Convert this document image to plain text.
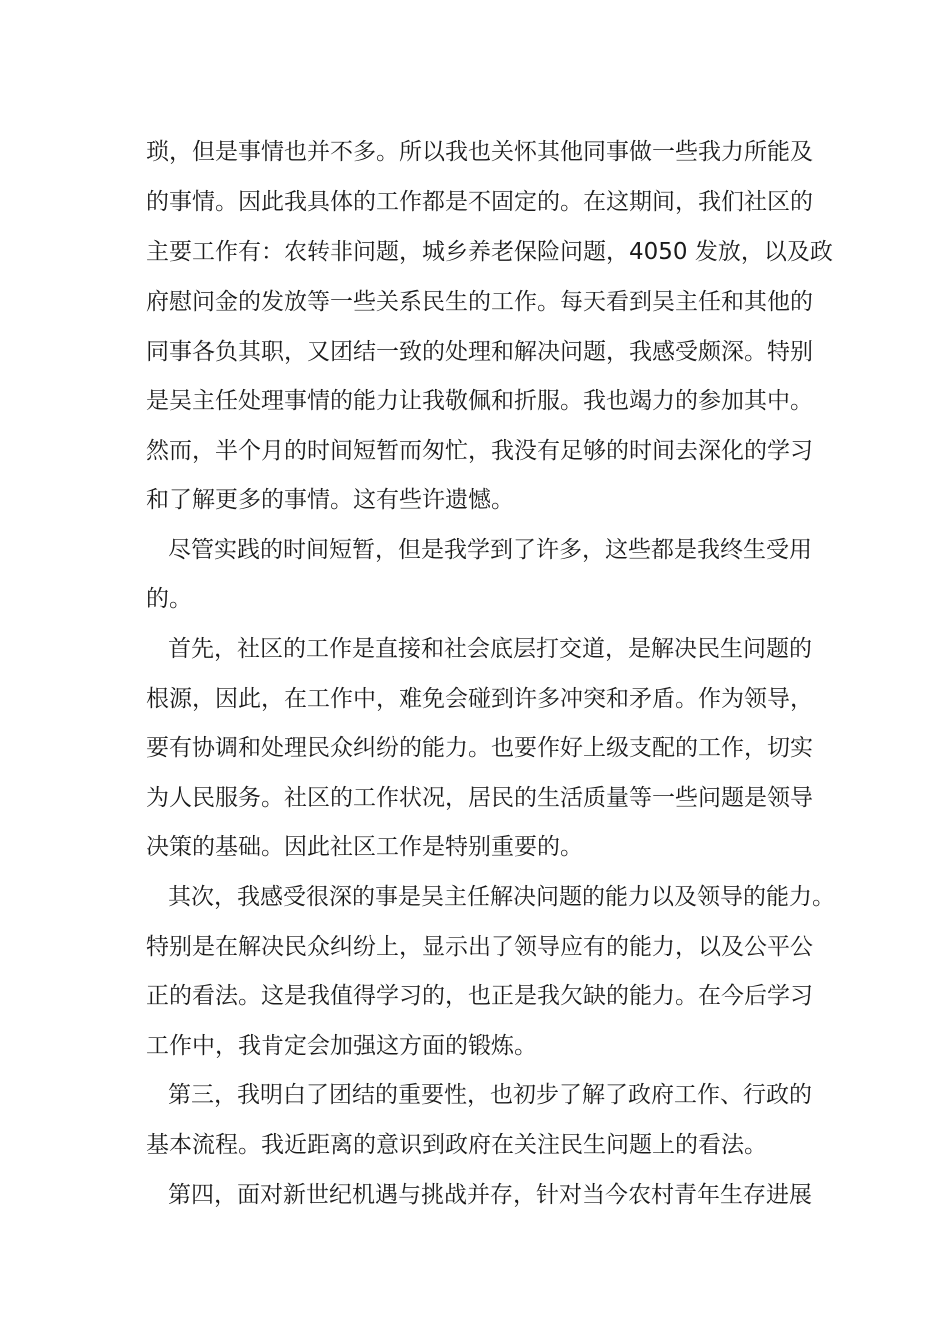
琐，但是事情也并不多。所以我也关怀其他同事做一些我力所能及
的事情。因此我具体的工作都是不固定的。在这期间，我们社区的
主要工作有：农转非问题，城乡养老保险问题，4050 发放，以及政
府慰问金的发放等一些关系民生的工作。每天看到吴主任和其他的
同事各负其职，又团结一致的处理和解决问题，我感受颇深。特别
是吴主任处理事情的能力让我敬佩和折服。我也竭力的参加其中。
然而，半个月的时间短暂而匆忙，我没有足够的时间去深化的学习
和了解更多的事情。这有些许遗憾。
尽管实践的时间短暂，但是我学到了许多，这些都是我终生受用
的。
首先，社区的工作是直接和社会底层打交道，是解决民生问题的
根源，因此，在工作中，难免会碰到许多冲突和矛盾。作为领导，
要有协调和处理民众纠纷的能力。也要作好上级支配的工作，切实
为人民服务。社区的工作状况，居民的生活质量等一些问题是领导
决策的基础。因此社区工作是特别重要的。
其次，我感受很深的事是吴主任解决问题的能力以及领导的能力。
特别是在解决民众纠纷上，显示出了领导应有的能力，以及公平公
正的看法。这是我值得学习的，也正是我欠缺的能力。在今后学习
工作中，我肯定会加强这方面的锻炼。
第三，我明白了团结的重要性，也初步了解了政府工作、行政的
基本流程。我近距离的意识到政府在关注民生问题上的看法。
第四，面对新世纪机遇与挑战并存，针对当今农村青年生存进展
